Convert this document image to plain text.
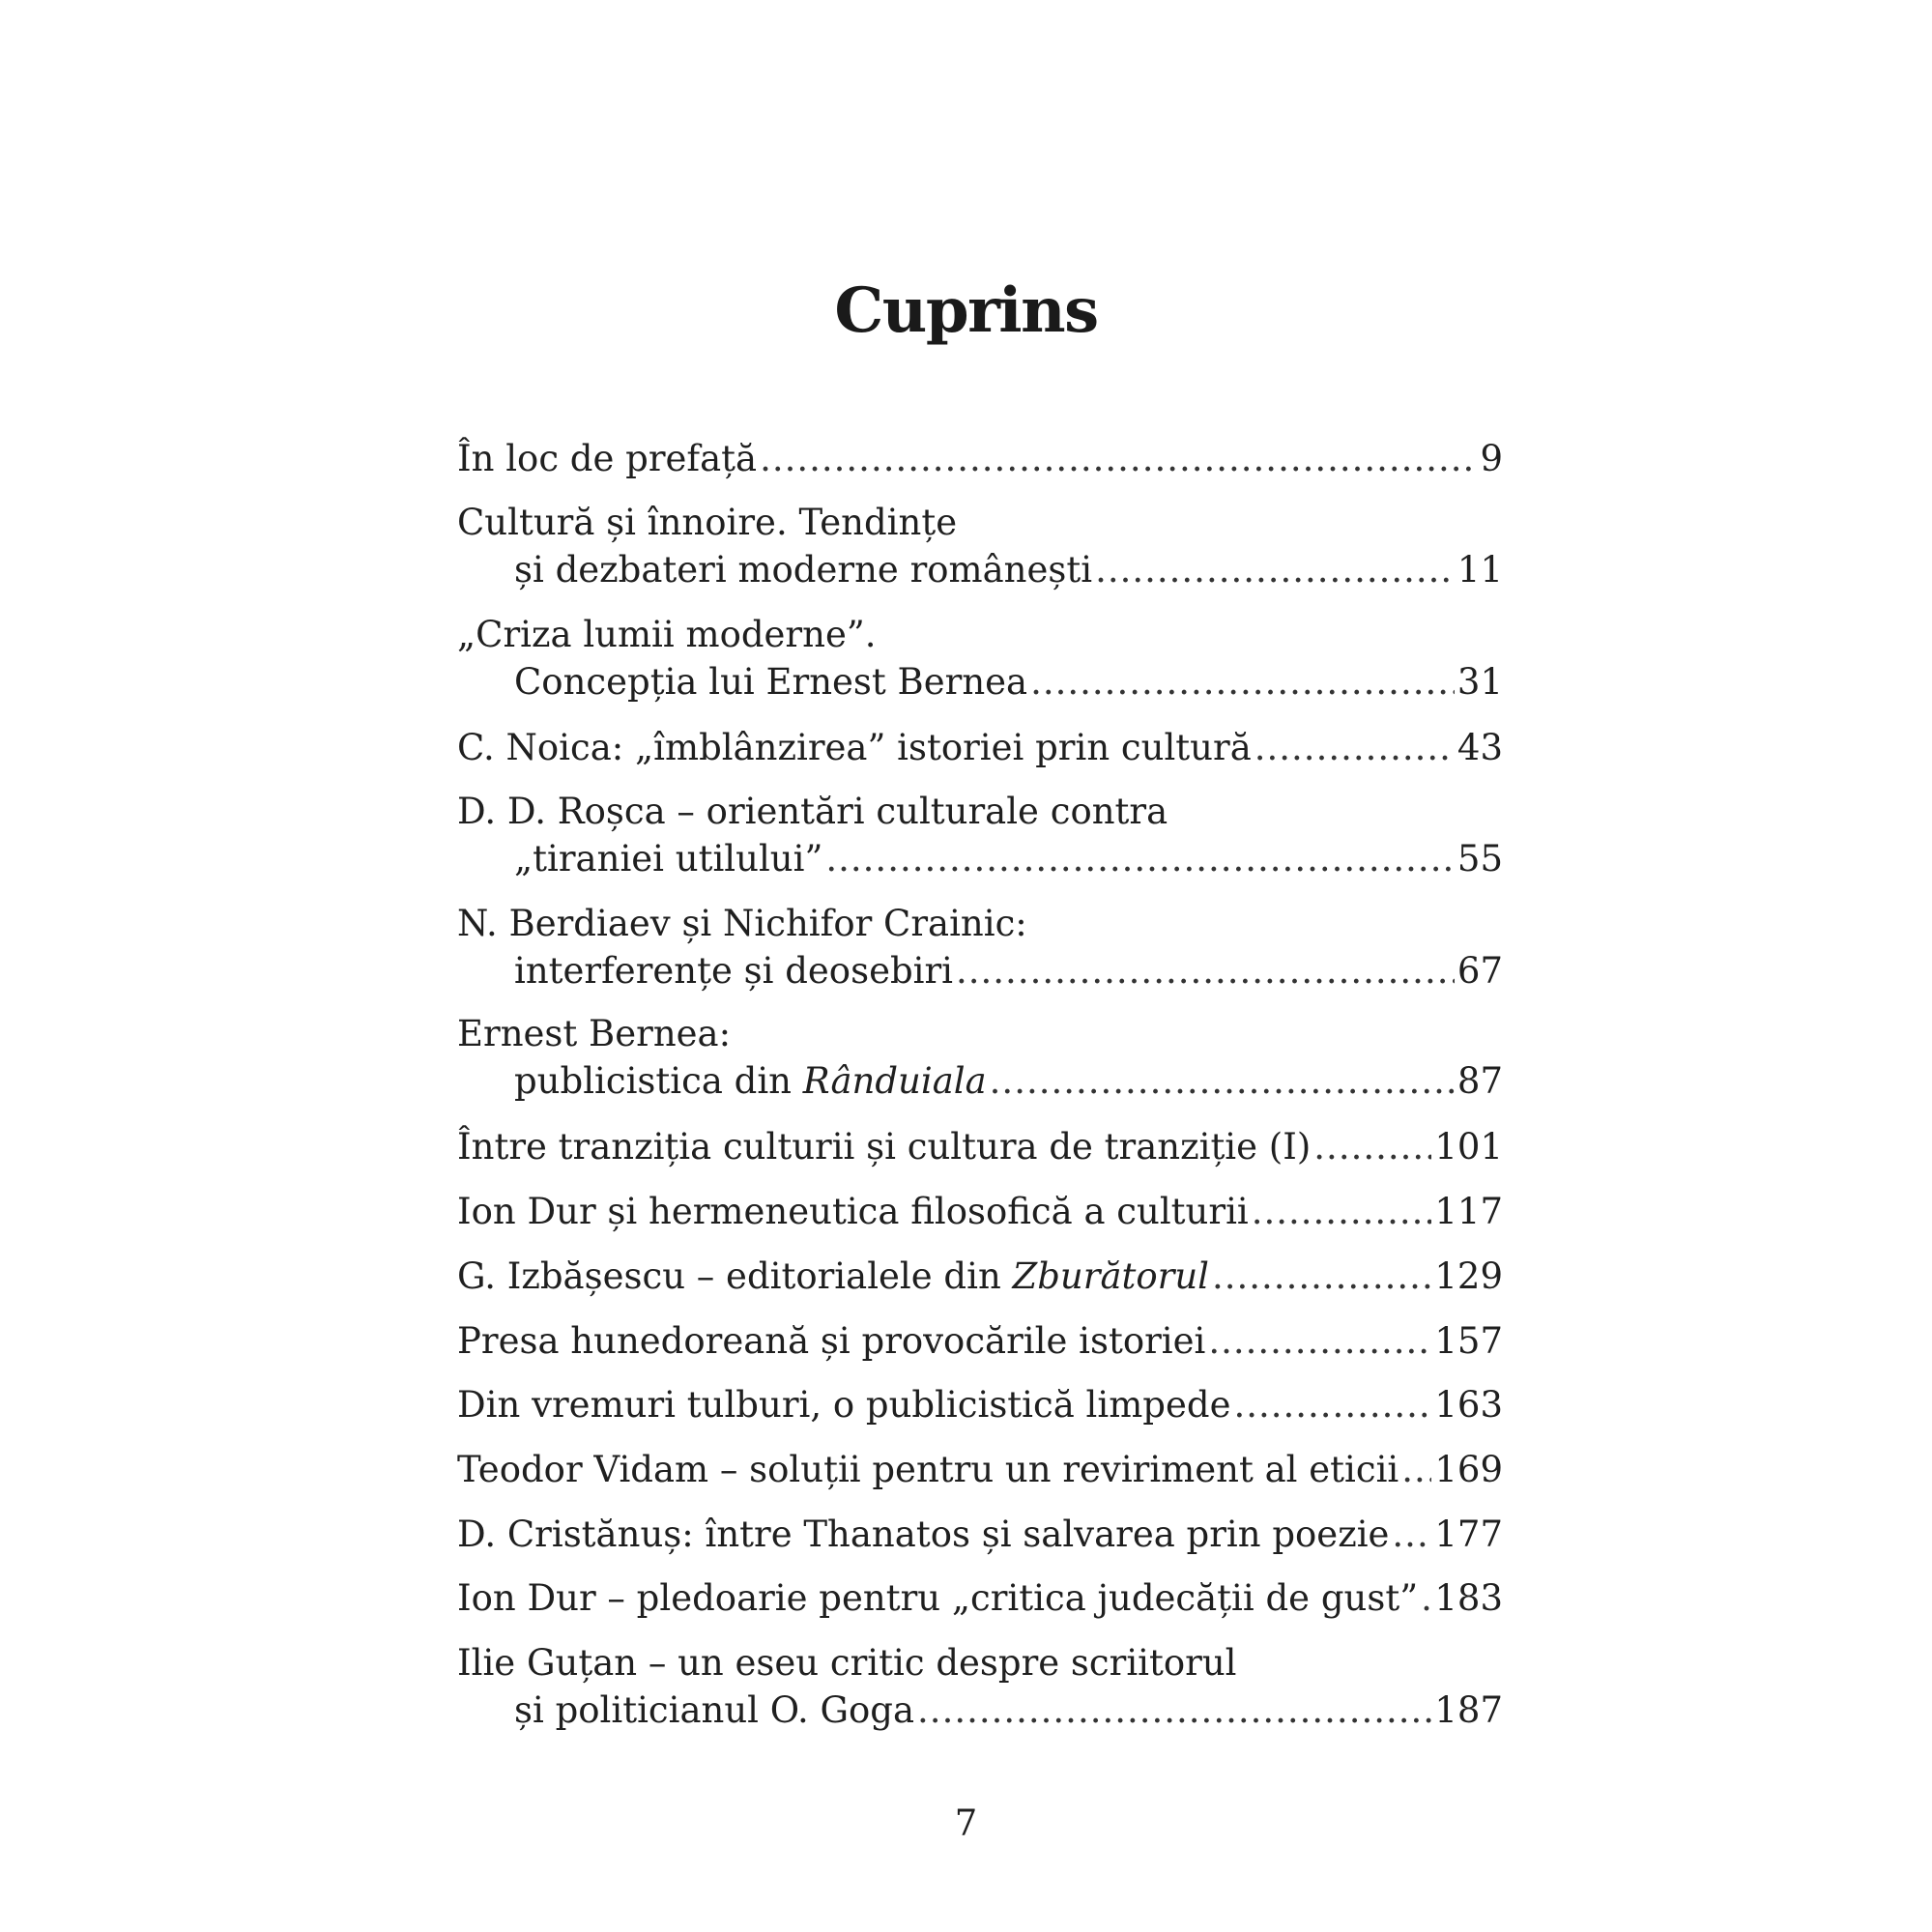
Cuprins
În loc de prefață .....	9
Cultură și înnoire. Tendințe
și dezbateri moderne românești .....	11
„Criza lumii moderne”.
Concepția lui Ernest Bernea .....	31
C. Noica: „îmblânzirea” istoriei prin cultură .....	43
D. D. Roșca – orientări culturale contra
„tiraniei utilului” .....	55
N. Berdiaev și Nichifor Crainic:
interferențe și deosebiri .....	67
Ernest Bernea:
publicistica din Rânduiala .....	87
Între tranziția culturii și cultura de tranziție (I) .....	101
Ion Dur și hermeneutica filosofică a culturii .....	117
G. Izbășescu – editorialele din Zburătorul .....	129
Presa hunedoreană și provocările istoriei .....	157
Din vremuri tulburi, o publicistică limpede .....	163
Teodor Vidam – soluții pentru un reviriment al eticii ..... 169
D. Cristănuș: între Thanatos și salvarea prin poezie ..... 177
Ion Dur – pledoarie pentru „critica judecății de gust” ..... 183
Ilie Guțan – un eseu critic despre scriitorul
și politicianul O. Goga .....	187
7
